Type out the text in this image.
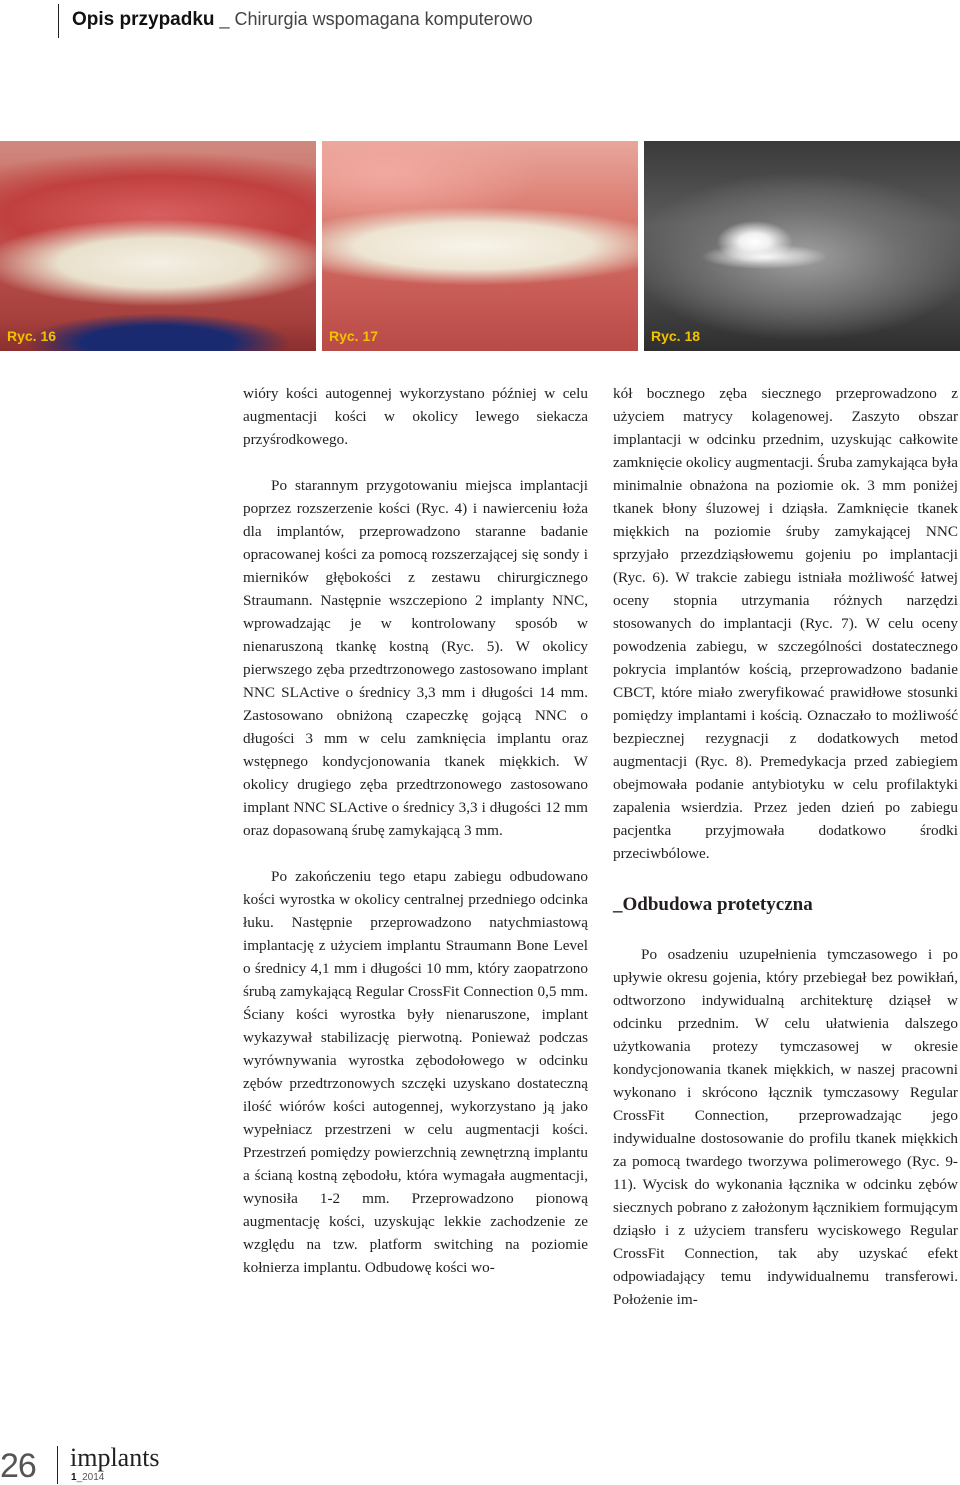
Opis przypadku _ Chirurgia wspomagana komputerowo
Ryc. 16	Ryc. 17	Ryc. 18

wióry kości autogennej wykorzystano później w celu augmentacji kości w okolicy lewego siekacza przyśrodkowego.

Po starannym przygotowaniu miejsca implantacji poprzez rozszerzenie kości (Ryc. 4) i nawierceniu łoża dla implantów, przeprowadzono staranne badanie opracowanej kości za pomocą rozszerzającej się sondy i mierników głębokości z zestawu chirurgicznego Straumann. Następnie wszczepiono 2 implanty NNC, wprowadzając je w kontrolowany sposób w nienaruszoną tkankę kostną (Ryc. 5). W okolicy pierwszego zęba przedtrzonowego zastosowano implant NNC SLActive o średnicy 3,3 mm i długości 14 mm. Zastosowano obniżoną czapeczkę gojącą NNC o długości 3 mm w celu zamknięcia implantu oraz wstępnego kondycjonowania tkanek miękkich. W okolicy drugiego zęba przedtrzonowego zastosowano implant NNC SLActive o średnicy 3,3 i długości 12 mm oraz dopasowaną śrubę zamykającą 3 mm.

Po zakończeniu tego etapu zabiegu odbudowano kości wyrostka w okolicy centralnej przedniego odcinka łuku. Następnie przeprowadzono natychmiastową implantację z użyciem implantu Straumann Bone Level o średnicy 4,1 mm i długości 10 mm, który zaopatrzono śrubą zamykającą Regular CrossFit Connection 0,5 mm. Ściany kości wyrostka były nienaruszone, implant wykazywał stabilizację pierwotną. Ponieważ podczas wyrównywania wyrostka zębodołowego w odcinku zębów przedtrzonowych szczęki uzyskano dostateczną ilość wiórów kości autogennej, wykorzystano ją jako wypełniacz przestrzeni w celu augmentacji kości. Przestrzeń pomiędzy powierzchnią zewnętrzną implantu a ścianą kostną zębodołu, która wymagała augmentacji, wynosiła 1-2 mm. Przeprowadzono pionową augmentację kości, uzyskując lekkie zachodzenie ze względu na tzw. platform switching na poziomie kołnierza implantu. Odbudowę kości wo-

kół bocznego zęba siecznego przeprowadzono z użyciem matrycy kolagenowej. Zaszyto obszar implantacji w odcinku przednim, uzyskując całkowite zamknięcie okolicy augmentacji. Śruba zamykająca była minimalnie obnażona na poziomie ok. 3 mm poniżej tkanek błony śluzowej i dziąsła. Zamknięcie tkanek miękkich na poziomie śruby zamykającej NNC sprzyjało przezdziąsłowemu gojeniu po implantacji (Ryc. 6). W trakcie zabiegu istniała możliwość łatwej oceny stopnia utrzymania różnych narzędzi stosowanych do implantacji (Ryc. 7). W celu oceny powodzenia zabiegu, w szczególności dostatecznego pokrycia implantów kością, przeprowadzono badanie CBCT, które miało zweryfikować prawidłowe stosunki pomiędzy implantami i kością. Oznaczało to możliwość bezpiecznej rezygnacji z dodatkowych metod augmentacji (Ryc. 8). Premedykacja przed zabiegiem obejmowała podanie antybiotyku w celu profilaktyki zapalenia wsierdzia. Przez jeden dzień po zabiegu pacjentka przyjmowała dodatkowo środki przeciwbólowe.

_Odbudowa protetyczna

Po osadzeniu uzupełnienia tymczasowego i po upływie okresu gojenia, który przebiegał bez powikłań, odtworzono indywidualną architekturę dziąseł w odcinku przednim. W celu ułatwienia dalszego użytkowania protezy tymczasowej w okresie kondycjonowania tkanek miękkich, w naszej pracowni wykonano i skrócono łącznik tymczasowy Regular CrossFit Connection, przeprowadzając jego indywidualne dostosowanie do profilu tkanek miękkich za pomocą twardego tworzywa polimerowego (Ryc. 9-11). Wycisk do wykonania łącznika w odcinku zębów siecznych pobrano z założonym łącznikiem formującym dziąsło i z użyciem transferu wyciskowego Regular CrossFit Connection, tak aby uzyskać efekt odpowiadający temu indywidualnemu transferowi. Położenie im-

26 implants
1_2014
